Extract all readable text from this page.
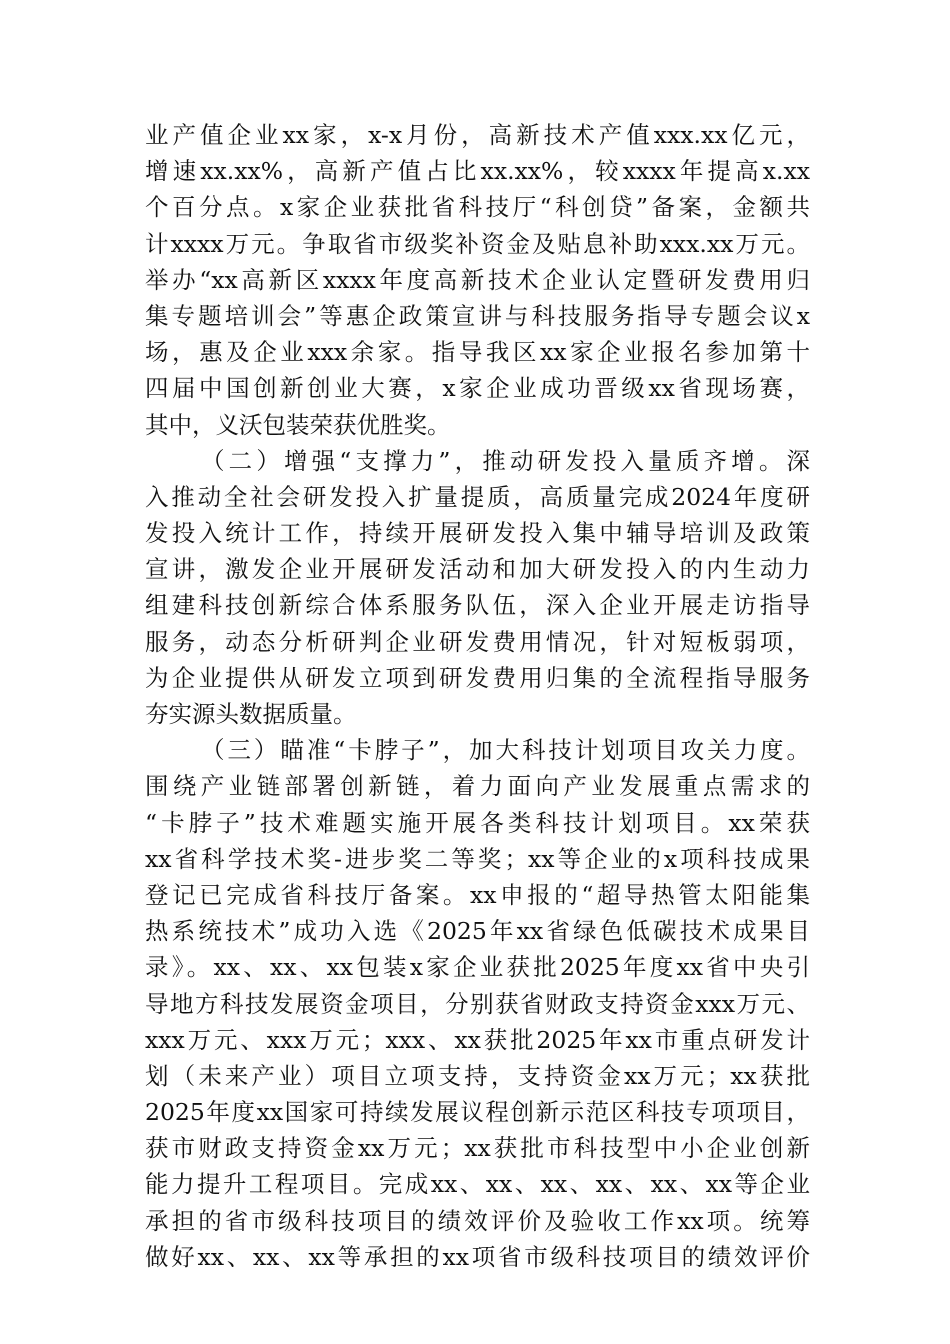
业产值企业xx家，x-x月份，高新技术产值xxx.xx亿元，
增速xx.xx%，高新产值占比xx.xx%，较xxxx年提高x.xx
个百分点。x家企业获批省科技厅“科创贷”备案，金额共
计xxxx万元。争取省市级奖补资金及贴息补助xxx.xx万元。
举办“xx高新区xxxx年度高新技术企业认定暨研发费用归
集专题培训会”等惠企政策宣讲与科技服务指导专题会议x
场，惠及企业xxx余家。指导我区xx家企业报名参加第十
四届中国创新创业大赛，x家企业成功晋级xx省现场赛，
其中，义沃包装荣获优胜奖。
（二）增强“支撑力”，推动研发投入量质齐增。深
入推动全社会研发投入扩量提质，高质量完成2024年度研
发投入统计工作，持续开展研发投入集中辅导培训及政策
宣讲，激发企业开展研发活动和加大研发投入的内生动力
组建科技创新综合体系服务队伍，深入企业开展走访指导
服务，动态分析研判企业研发费用情况，针对短板弱项，
为企业提供从研发立项到研发费用归集的全流程指导服务
夯实源头数据质量。
（三）瞄准“卡脖子”，加大科技计划项目攻关力度。
围绕产业链部署创新链，着力面向产业发展重点需求的
“卡脖子”技术难题实施开展各类科技计划项目。xx荣获
xx省科学技术奖-进步奖二等奖；xx等企业的x项科技成果
登记已完成省科技厅备案。xx申报的“超导热管太阳能集
热系统技术”成功入选《2025年xx省绿色低碳技术成果目
录》。xx、xx、xx包装x家企业获批2025年度xx省中央引
导地方科技发展资金项目，分别获省财政支持资金xxx万元、
xxx万元、xxx万元；xxx、xx获批2025年xx市重点研发计
划（未来产业）项目立项支持，支持资金xx万元；xx获批
2025年度xx国家可持续发展议程创新示范区科技专项项目，
获市财政支持资金xx万元；xx获批市科技型中小企业创新
能力提升工程项目。完成xx、xx、xx、xx、xx、xx等企业
承担的省市级科技项目的绩效评价及验收工作xx项。统筹
做好xx、xx、xx等承担的xx项省市级科技项目的绩效评价
